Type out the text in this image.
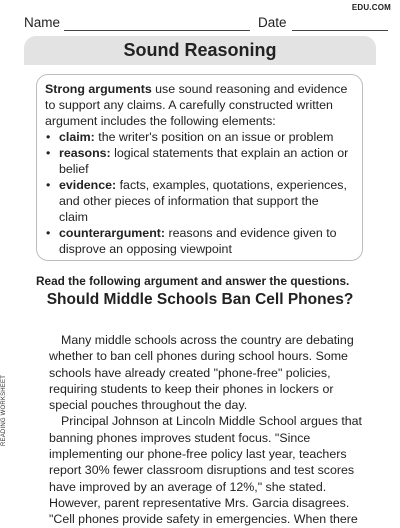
EDU.COM
Name	Date
Sound Reasoning

Strong arguments use sound reasoning and evidence to support any claims. A carefully constructed written argument includes the following elements:

• claim: the writer's position on an issue or problem
• reasons: logical statements that explain an action or belief
• evidence: facts, examples, quotations, experiences, and other pieces of information that support the claim
• counterargument: reasons and evidence given to disprove an opposing viewpoint
Read the following argument and answer the questions.
Should Middle Schools Ban Cell Phones?

Many middle schools across the country are debating whether to ban cell phones during school hours. Some schools have already created "phone-free" policies, requiring students to keep their phones in lockers or special pouches throughout the day.

Principal Johnson at Lincoln Middle School argues that banning phones improves student focus. "Since implementing our phone-free policy last year, teachers report 30% fewer classroom disruptions and test scores have improved by an average of 12%," she stated. However, parent representative Mrs. Garcia disagrees. "Cell phones provide safety in emergencies. When there

READING WORKSHEET
